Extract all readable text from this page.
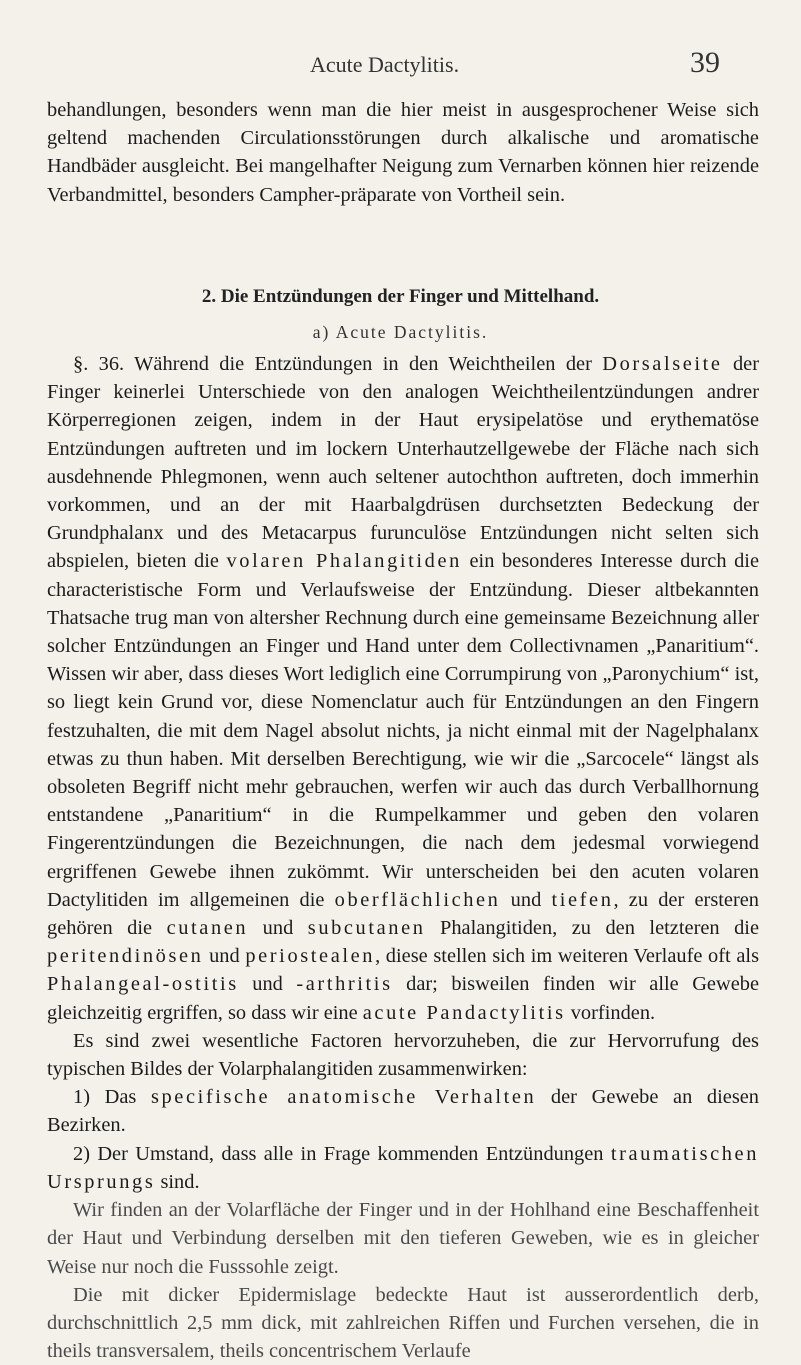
Acute Dactylitis.	39

behandlungen, besonders wenn man die hier meist in ausgesprochener Weise sich geltend machenden Circulationsstörungen durch alkalische und aromatische Handbäder ausgleicht. Bei mangelhafter Neigung zum Vernarben können hier reizende Verbandmittel, besonders Campher-präparate von Vortheil sein.

2. Die Entzündungen der Finger und Mittelhand.
a) Acute Dactylitis.

§. 36. Während die Entzündungen in den Weichtheilen der Dorsalseite der Finger keinerlei Unterschiede von den analogen Weichtheilentzündungen andrer Körperregionen zeigen, indem in der Haut erysipelatöse und erythematöse Entzündungen auftreten und im lockern Unterhautzellgewebe der Fläche nach sich ausdehnende Phlegmonen, wenn auch seltener autochthon auftreten, doch immerhin vorkommen, und an der mit Haarbalgdrüsen durchsetzten Bedeckung der Grundphalanx und des Metacarpus furunculöse Entzündungen nicht selten sich abspielen, bieten die volaren Phalangitiden ein besonderes Interesse durch die characteristische Form und Verlaufsweise der Entzündung. Dieser altbekannten Thatsache trug man von altersher Rechnung durch eine gemeinsame Bezeichnung aller solcher Entzündungen an Finger und Hand unter dem Collectivnamen „Panaritium“. Wissen wir aber, dass dieses Wort lediglich eine Corrumpirung von „Paronychium“ ist, so liegt kein Grund vor, diese Nomenclatur auch für Entzündungen an den Fingern festzuhalten, die mit dem Nagel absolut nichts, ja nicht einmal mit der Nagelphalanx etwas zu thun haben. Mit derselben Berechtigung, wie wir die „Sarcocele“ längst als obsoleten Begriff nicht mehr gebrauchen, werfen wir auch das durch Verballhornung entstandene „Panaritium“ in die Rumpelkammer und geben den volaren Fingerentzündungen die Bezeichnungen, die nach dem jedesmal vorwiegend ergriffenen Gewebe ihnen zukömmt. Wir unterscheiden bei den acuten volaren Dactylitiden im allgemeinen die oberflächlichen und tiefen, zu der ersteren gehören die cutanen und subcutanen Phalangitiden, zu den letzteren die peritendinösen und periostealen, diese stellen sich im weiteren Verlaufe oft als Phalangeal-ostitis und -arthritis dar; bisweilen finden wir alle Gewebe gleichzeitig ergriffen, so dass wir eine acute Pandactylitis vorfinden.

Es sind zwei wesentliche Factoren hervorzuheben, die zur Hervorrufung des typischen Bildes der Volarphalangitiden zusammenwirken:

1) Das specifische anatomische Verhalten der Gewebe an diesen Bezirken.

2) Der Umstand, dass alle in Frage kommenden Entzündungen traumatischen Ursprungs sind.

Wir finden an der Volarfläche der Finger und in der Hohlhand eine Beschaffenheit der Haut und Verbindung derselben mit den tieferen Geweben, wie es in gleicher Weise nur noch die Fusssohle zeigt.

Die mit dicker Epidermislage bedeckte Haut ist ausserordentlich derb, durchschnittlich 2,5 mm dick, mit zahlreichen Riffen und Furchen versehen, die in theils transversalem, theils concentrischem Verlaufe
